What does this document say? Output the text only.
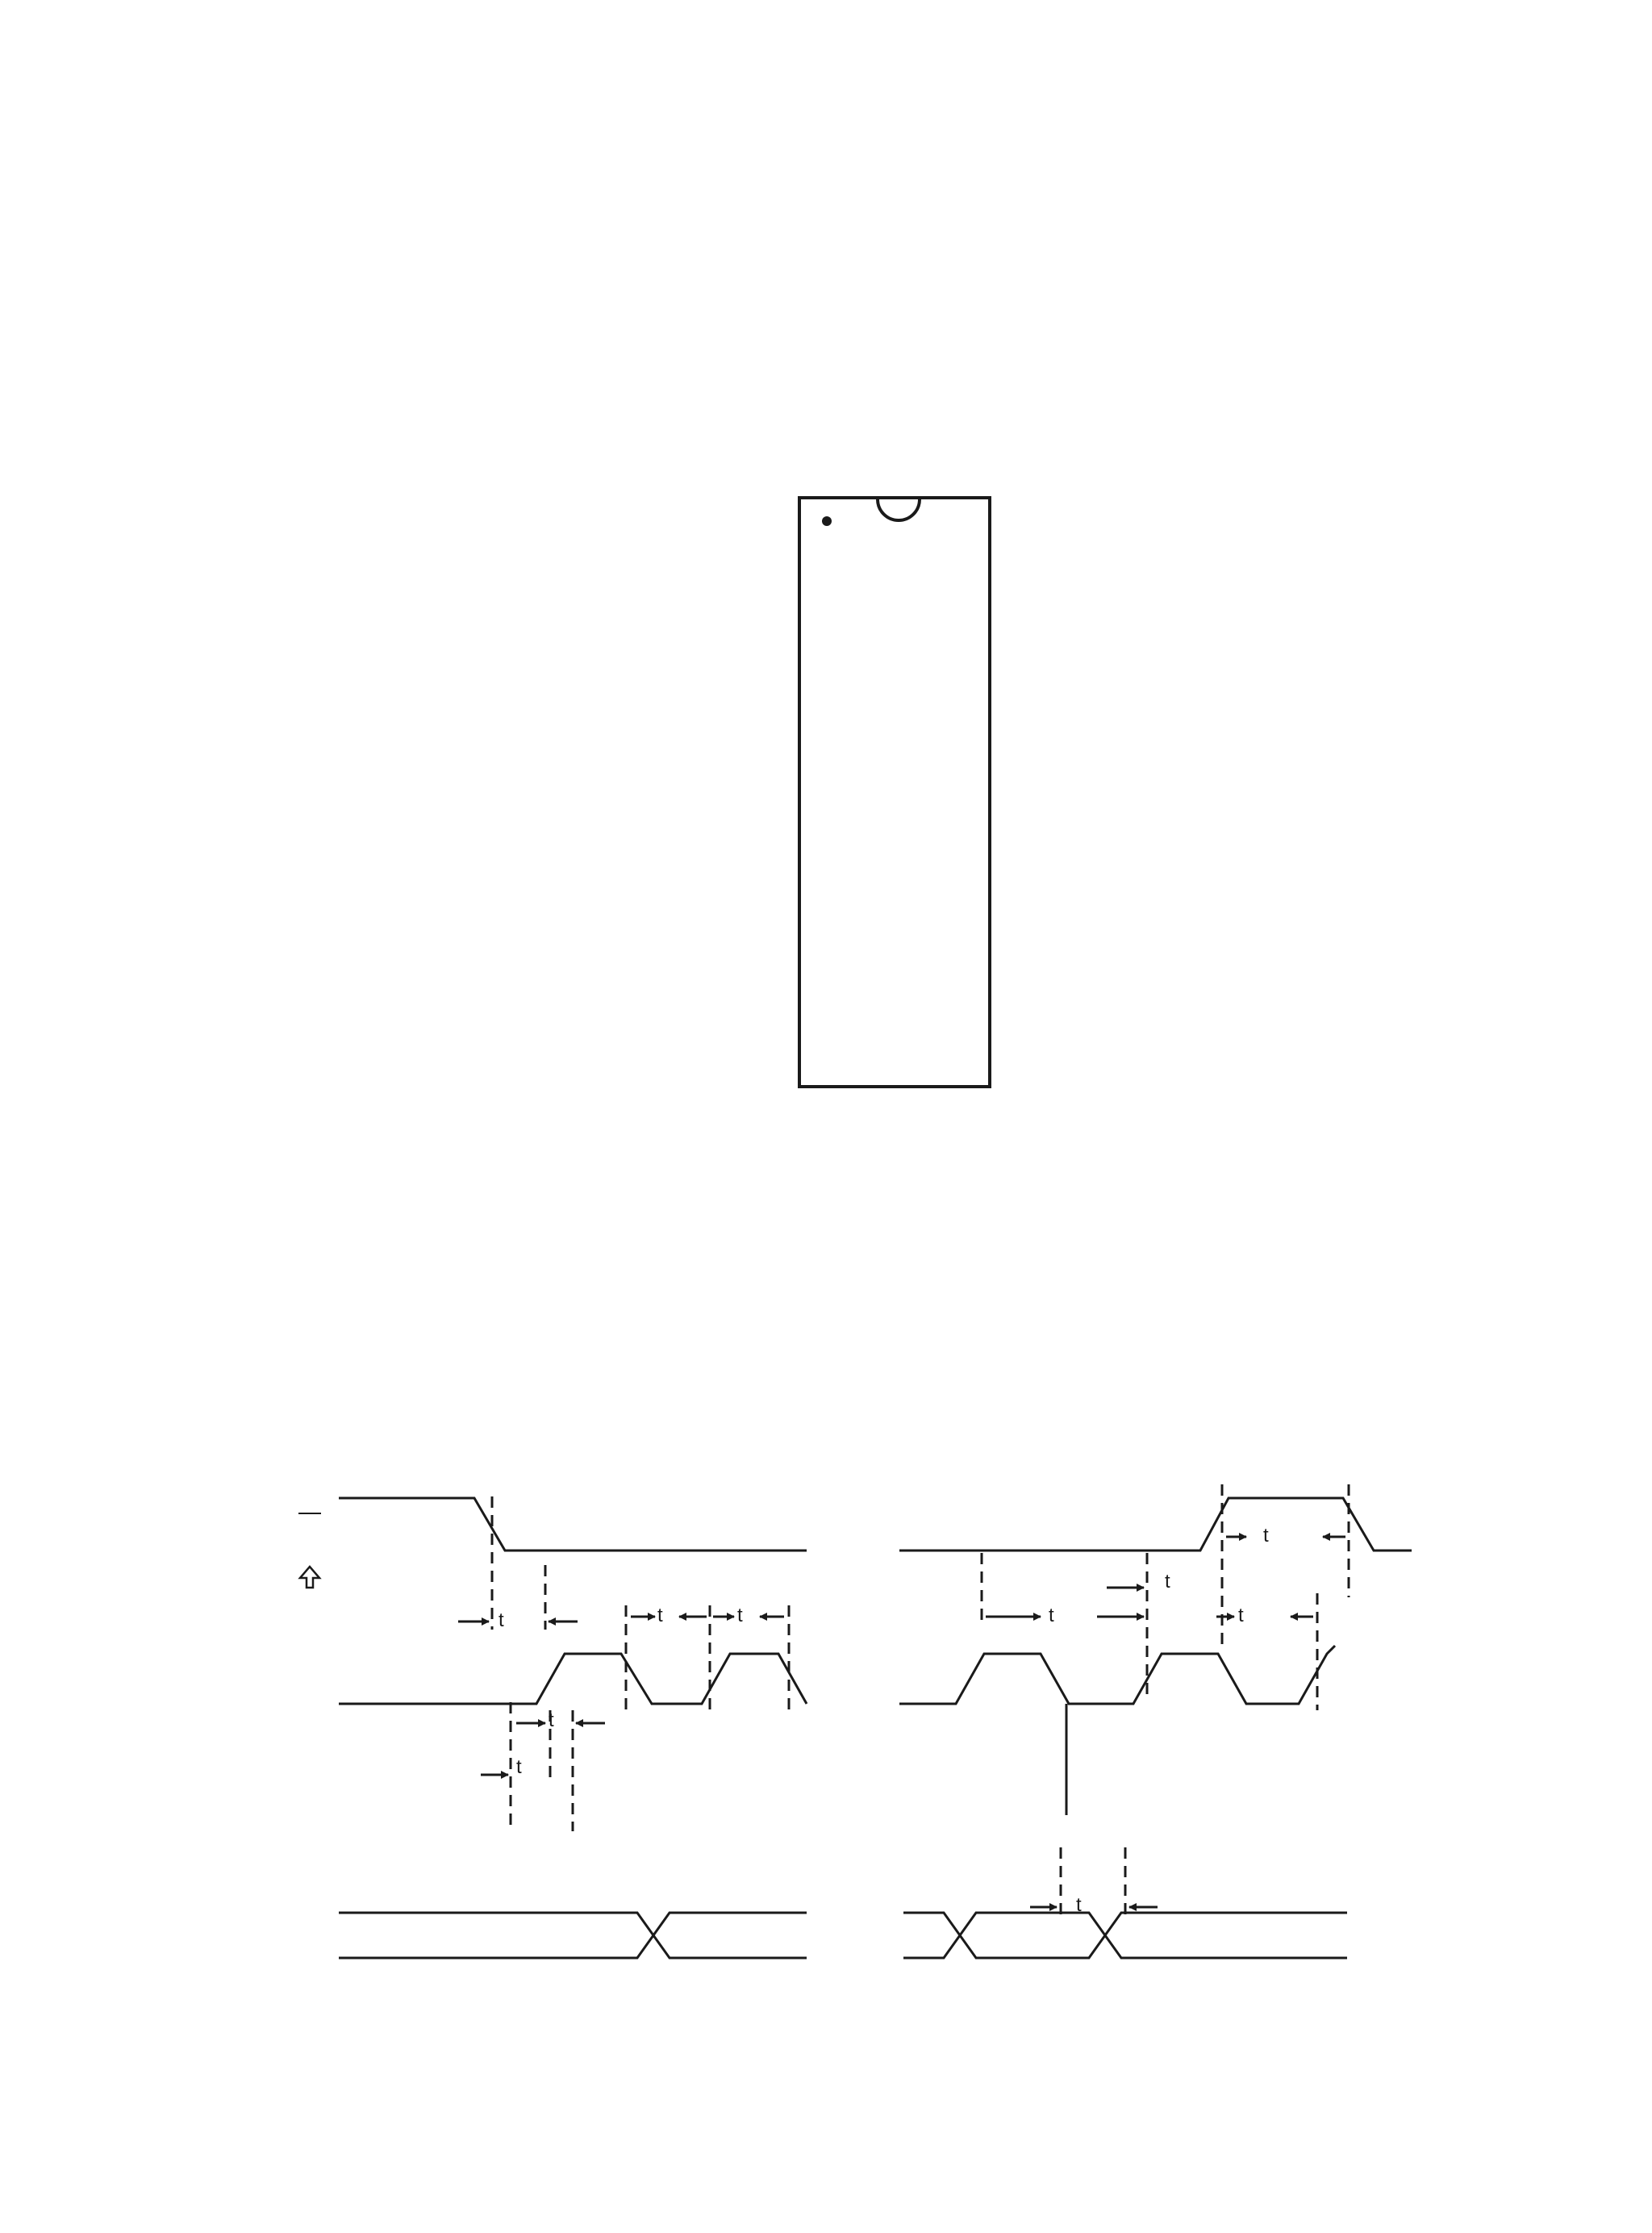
t	t	t	t
t
t
t
t
t
t
